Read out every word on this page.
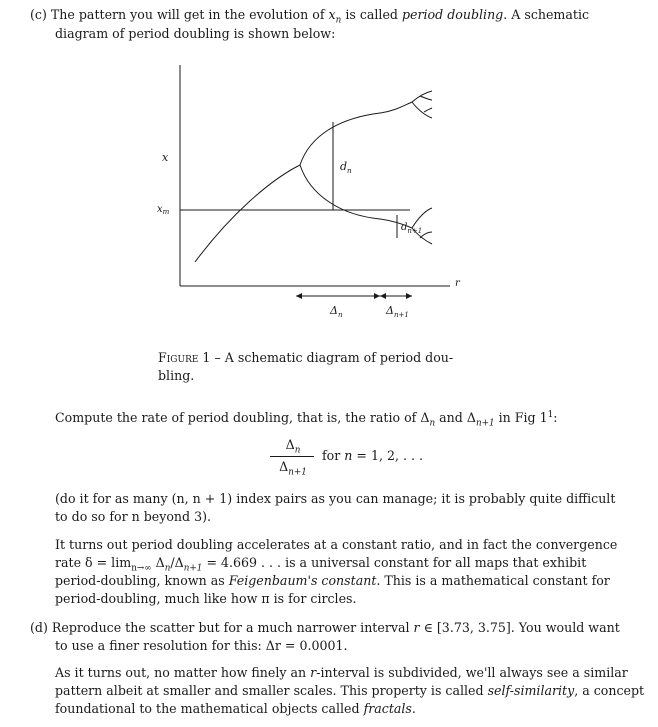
(c) The pattern you will get in the evolution of $x_n$ is called period doubling. A schematic
diagram of period doubling is shown below:
x
$x_m$
$d_n$
$d_{n+1}$
r
$\Delta_n$	$\Delta_{n+1}$
Figure 1 – A schematic diagram of period dou-
bling.
Compute the rate of period doubling, that is, the ratio of $\Delta_n$ and $\Delta_{n+1}$ in Fig $1^1$:
$\Delta_n$
$\Delta_{n+1}$
for n = 1, 2, . . .
(do it for as many (n, n + 1) index pairs as you can manage; it is probably quite difficult
to do so for n beyond 3).
It turns out period doubling accelerates at a constant ratio, and in fact the convergence
rate $\delta = \lim_{n\to\infty} \Delta_n/\Delta_{n+1} = 4.669$ . . . is a universal constant for all maps that exhibit
period-doubling, known as Feigenbaum's constant. This is a mathematical constant for
period-doubling, much like how π is for circles.
(d) Reproduce the scatter but for a much narrower interval r ∈ [3.73, 3.75]. You would want
to use a finer resolution for this: Δr = 0.0001.
As it turns out, no matter how finely an r-interval is subdivided, we'll always see a similar
pattern albeit at smaller and smaller scales. This property is called self-similarity, a concept
foundational to the mathematical objects called fractals.
